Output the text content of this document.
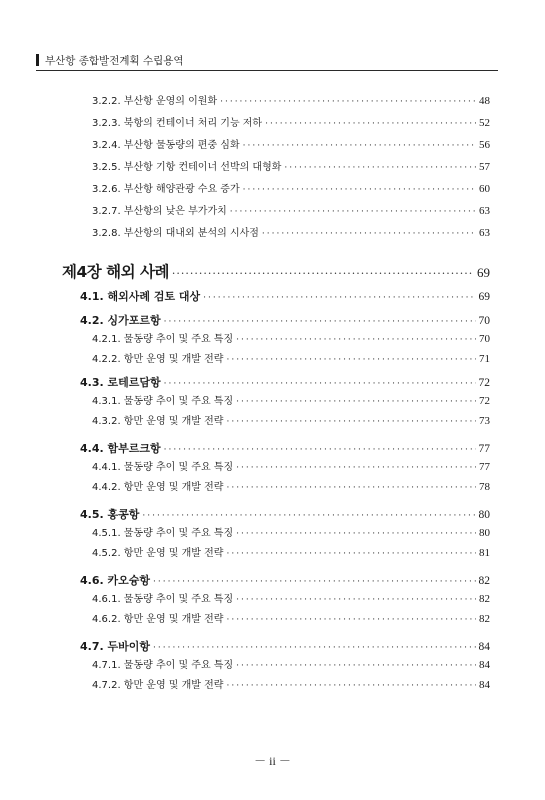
부산항 종합발전계획 수립용역
3.2.2. 부산항 운영의 이원화 ·····	48
3.2.3. 북항의 컨테이너 처리 기능 저하 ·····	52
3.2.4. 부산항 물동량의 편중 심화 ·····	56
3.2.5. 부산항 기항 컨테이너 선박의 대형화 ·····	57
3.2.6. 부산항 해양관광 수요 증가 ·····	60
3.2.7. 부산항의 낮은 부가가치 ·····	63
3.2.8. 부산항의 대내외 분석의 시사점 ·····	63
제4장 해외 사례 ·····	69
4.1. 해외사례 검토 대상 ·····	69
4.2. 싱가포르항 ·····	70
4.2.1. 물동량 추이 및 주요 특징 ·····	70
4.2.2. 항만 운영 및 개발 전략 ·····	71
4.3. 로테르담항 ·····	72
4.3.1. 물동량 추이 및 주요 특징 ·····	72
4.3.2. 항만 운영 및 개발 전략 ·····	73
4.4. 함부르크항 ·····	77
4.4.1. 물동량 추이 및 주요 특징 ·····	77
4.4.2. 항만 운영 및 개발 전략 ·····	78
4.5. 홍콩항 ·····	80
4.5.1. 물동량 추이 및 주요 특징 ·····	80
4.5.2. 항만 운영 및 개발 전략 ·····	81
4.6. 카오슝항 ·····	82
4.6.1. 물동량 추이 및 주요 특징 ·····	82
4.6.2. 항만 운영 및 개발 전략 ·····	82
4.7. 두바이항 ·····	84
4.7.1. 물동량 추이 및 주요 특징 ·····	84
4.7.2. 항만 운영 및 개발 전략 ·····	84
－ ii －
